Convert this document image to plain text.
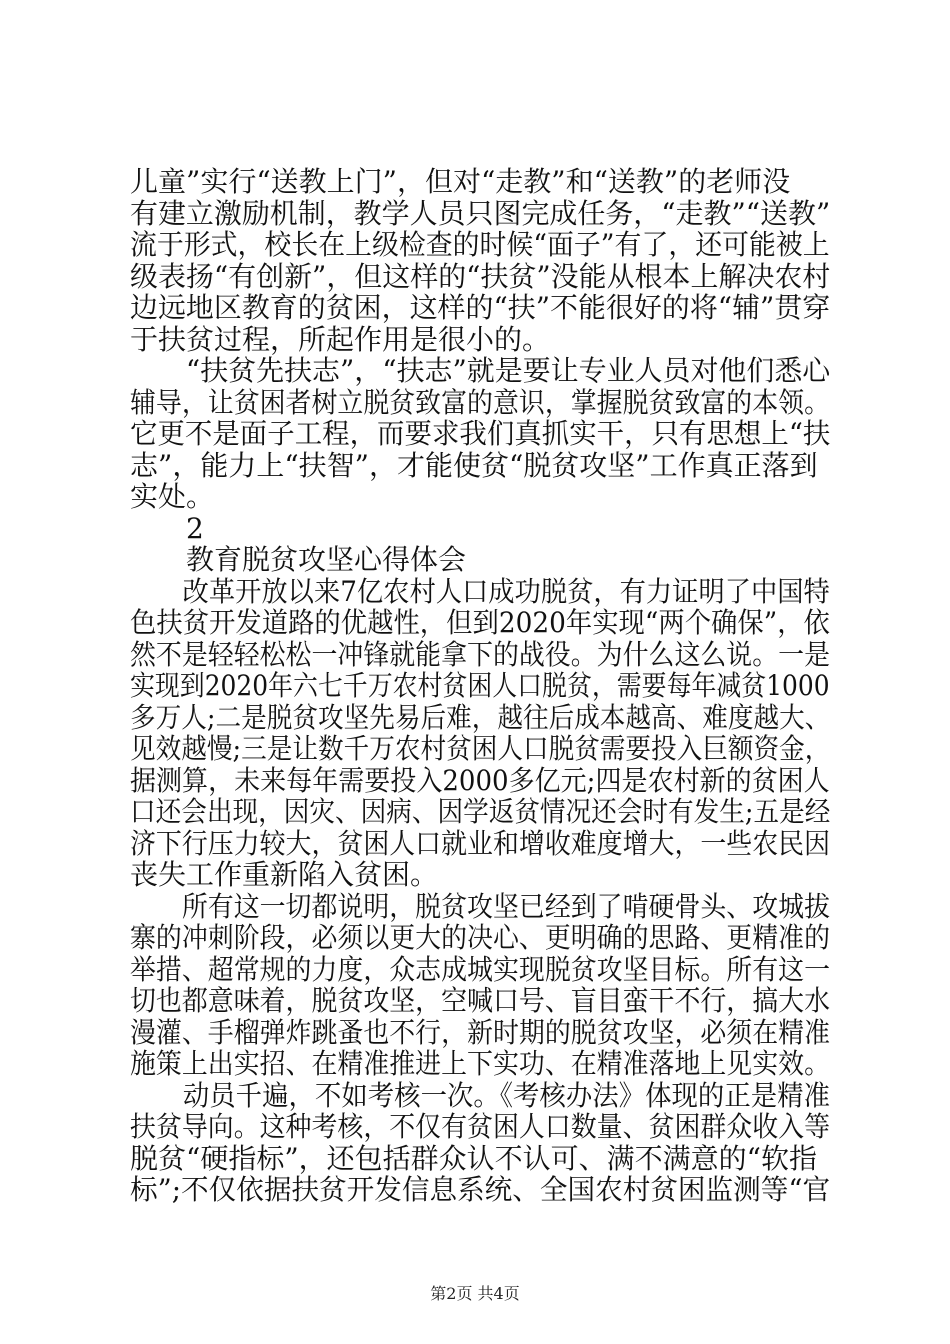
儿童”实行“送教上门”，但对“走教”和“送教”的老师没
有建立激励机制，教学人员只图完成任务，“走教”“送教”
流于形式，校长在上级检查的时候“面子”有了，还可能被上
级表扬“有创新”，但这样的“扶贫”没能从根本上解决农村
边远地区教育的贫困，这样的“扶”不能很好的将“辅”贯穿
于扶贫过程，所起作用是很小的。
　　“扶贫先扶志”，“扶志”就是要让专业人员对他们悉心
辅导，让贫困者树立脱贫致富的意识，掌握脱贫致富的本领。
它更不是面子工程，而要求我们真抓实干，只有思想上“扶
志”，能力上“扶智”，才能使贫“脱贫攻坚”工作真正落到
实处。
　　2
　　教育脱贫攻坚心得体会
　　改革开放以来7亿农村人口成功脱贫，有力证明了中国特
色扶贫开发道路的优越性，但到2020年实现“两个确保”，依
然不是轻轻松松一冲锋就能拿下的战役。为什么这么说。一是
实现到2020年六七千万农村贫困人口脱贫，需要每年减贫1000
多万人;二是脱贫攻坚先易后难，越往后成本越高、难度越大、
见效越慢;三是让数千万农村贫困人口脱贫需要投入巨额资金，
据测算，未来每年需要投入2000多亿元;四是农村新的贫困人
口还会出现，因灾、因病、因学返贫情况还会时有发生;五是经
济下行压力较大，贫困人口就业和增收难度增大，一些农民因
丧失工作重新陷入贫困。
　　所有这一切都说明，脱贫攻坚已经到了啃硬骨头、攻城拔
寨的冲刺阶段，必须以更大的决心、更明确的思路、更精准的
举措、超常规的力度，众志成城实现脱贫攻坚目标。所有这一
切也都意味着，脱贫攻坚，空喊口号、盲目蛮干不行，搞大水
漫灌、手榴弹炸跳蚤也不行，新时期的脱贫攻坚，必须在精准
施策上出实招、在精准推进上下实功、在精准落地上见实效。
　　动员千遍，不如考核一次。《考核办法》体现的正是精准
扶贫导向。这种考核，不仅有贫困人口数量、贫困群众收入等
脱贫“硬指标”，还包括群众认不认可、满不满意的“软指
标”;不仅依据扶贫开发信息系统、全国农村贫困监测等“官
第2页 共4页
